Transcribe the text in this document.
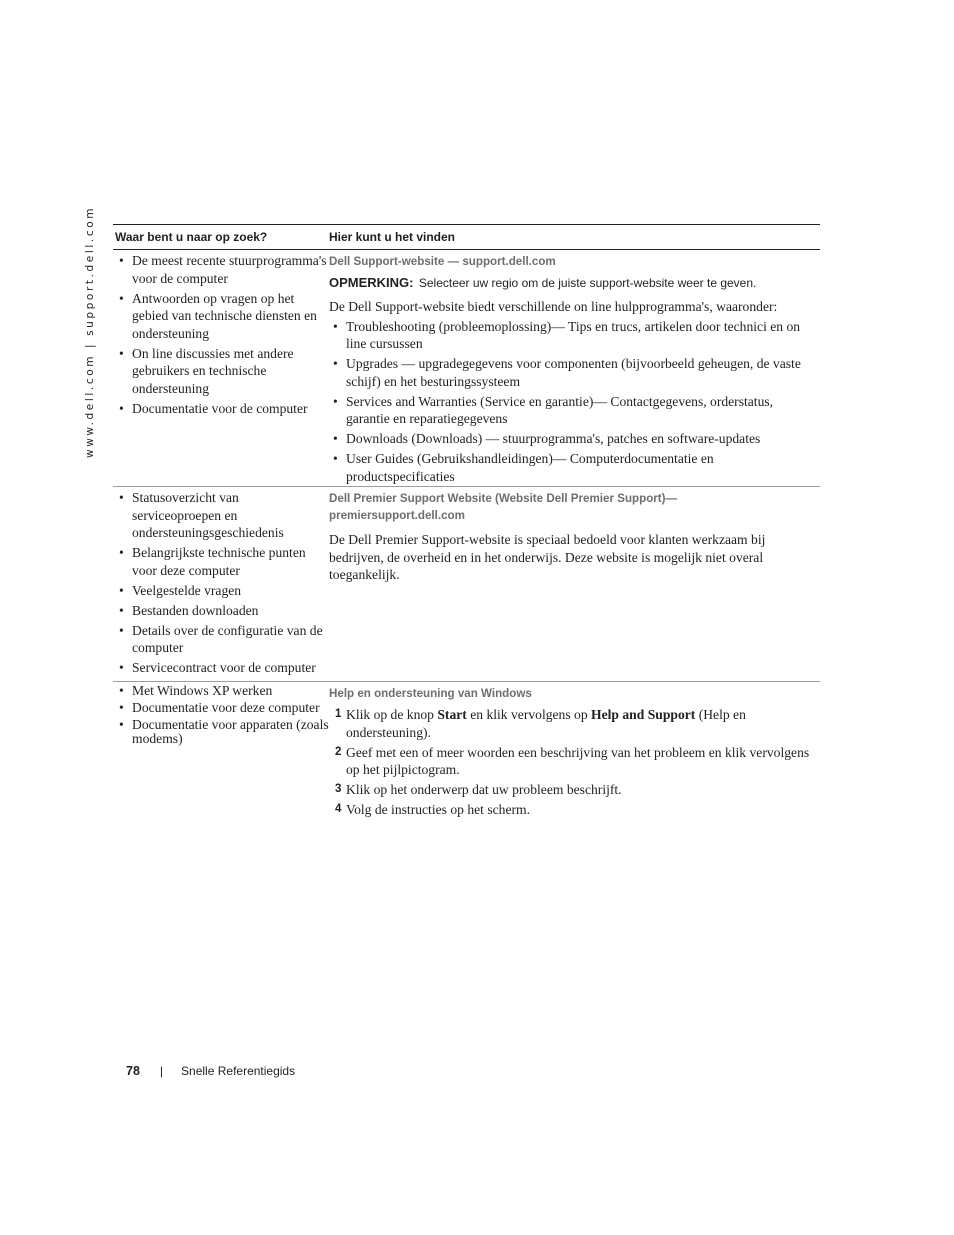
www.dell.com | support.dell.com Waar bent u naar op zoek?	Hier kunt u het vinden
• De meest recente stuurprogramma's voor de computer
• Antwoorden op vragen op het gebied van technische diensten en ondersteuning
• On line discussies met andere gebruikers en technische ondersteuning
• Documentatie voor de computer
Dell Support-website — support.dell.com
OPMERKING: Selecteer uw regio om de juiste support-website weer te geven.
De Dell Support-website biedt verschillende on line hulpprogramma's, waaronder:
• Troubleshooting (probleemoplossing)— Tips en trucs, artikelen door technici en on line cursussen
• Upgrades — upgradegegevens voor componenten (bijvoorbeeld geheugen, de vaste schijf) en het besturingssysteem
• Services and Warranties (Service en garantie)— Contactgegevens, orderstatus, garantie en reparatiegegevens
• Downloads (Downloads) — stuurprogramma's, patches en software-updates
• User Guides (Gebruikshandleidingen)— Computerdocumentatie en productspecificaties
• Statusoverzicht van serviceoproepen en ondersteuningsgeschiedenis
• Belangrijkste technische punten voor deze computer
• Veelgestelde vragen
• Bestanden downloaden
• Details over de configuratie van de computer
• Servicecontract voor de computer
Dell Premier Support Website (Website Dell Premier Support)—
premiersupport.dell.com
De Dell Premier Support-website is speciaal bedoeld voor klanten werkzaam bij bedrijven, de overheid en in het onderwijs. Deze website is mogelijk niet overal toegankelijk.
• Met Windows XP werken
• Documentatie voor deze computer
• Documentatie voor apparaten (zoals modems)
Help en ondersteuning van Windows
1 Klik op de knop Start en klik vervolgens op Help and Support (Help en ondersteuning).
2 Geef met een of meer woorden een beschrijving van het probleem en klik vervolgens op het pijlpictogram.
3 Klik op het onderwerp dat uw probleem beschrijft.
4 Volg de instructies op het scherm.
78 | Snelle Referentiegids
